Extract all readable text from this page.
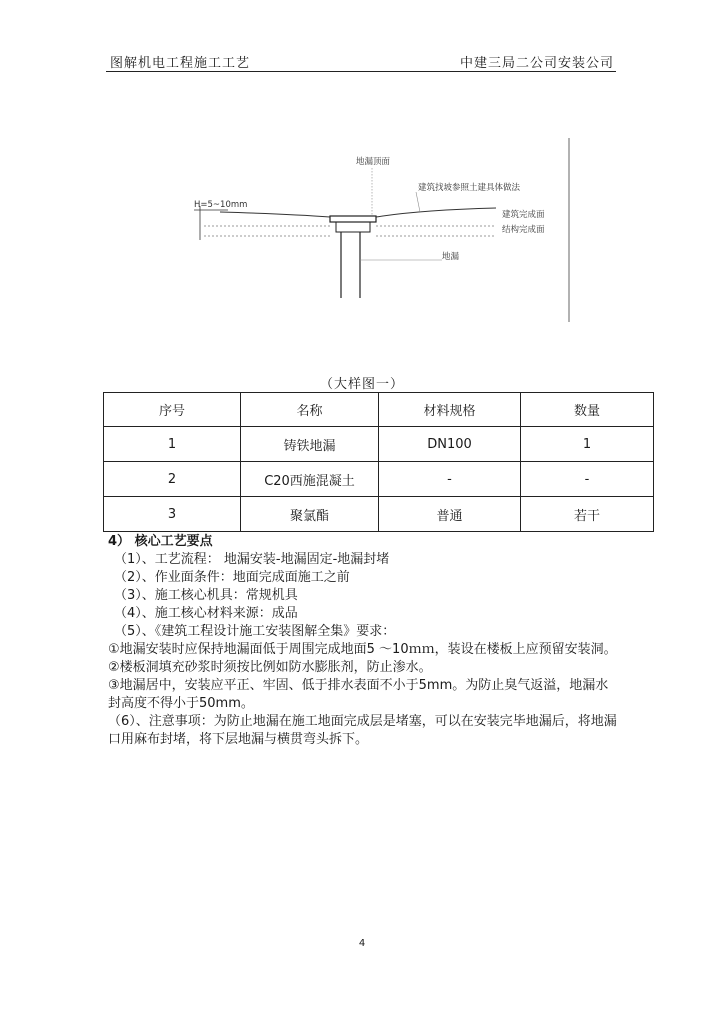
图解机电工程施工工艺	中建三局二公司安装公司
地漏顶面
建筑找坡参照土建具体做法
H=5~10mm
建筑完成面
结构完成面
地漏
（大样图一）
序号	名称	材料规格	数量
1	铸铁地漏	DN100	1
2	C20西施混凝土	-	-
3	聚氯酯	普通	若干

4） 核心工艺要点

（1）、工艺流程： 地漏安装-地漏固定-地漏封堵

（2）、作业面条件：地面完成面施工之前

（3）、施工核心机具：常规机具

（4）、施工核心材料来源：成品

（5）、《建筑工程设计施工安装图解全集》要求：

①地漏安装时应保持地漏面低于周围完成地面5 ～10ｍｍ，装设在楼板上应预留安装洞。

②楼板洞填充砂浆时须按比例如防水膨胀剂，防止渗水。

③地漏居中，安装应平正、牢固、低于排水表面不小于5mm。为防止臭气返溢，地漏水封高度不得小于50mm。

（6）、注意事项：为防止地漏在施工地面完成层是堵塞，可以在安装完毕地漏后，将地漏口用麻布封堵，将下层地漏与横贯弯头拆下。

4
